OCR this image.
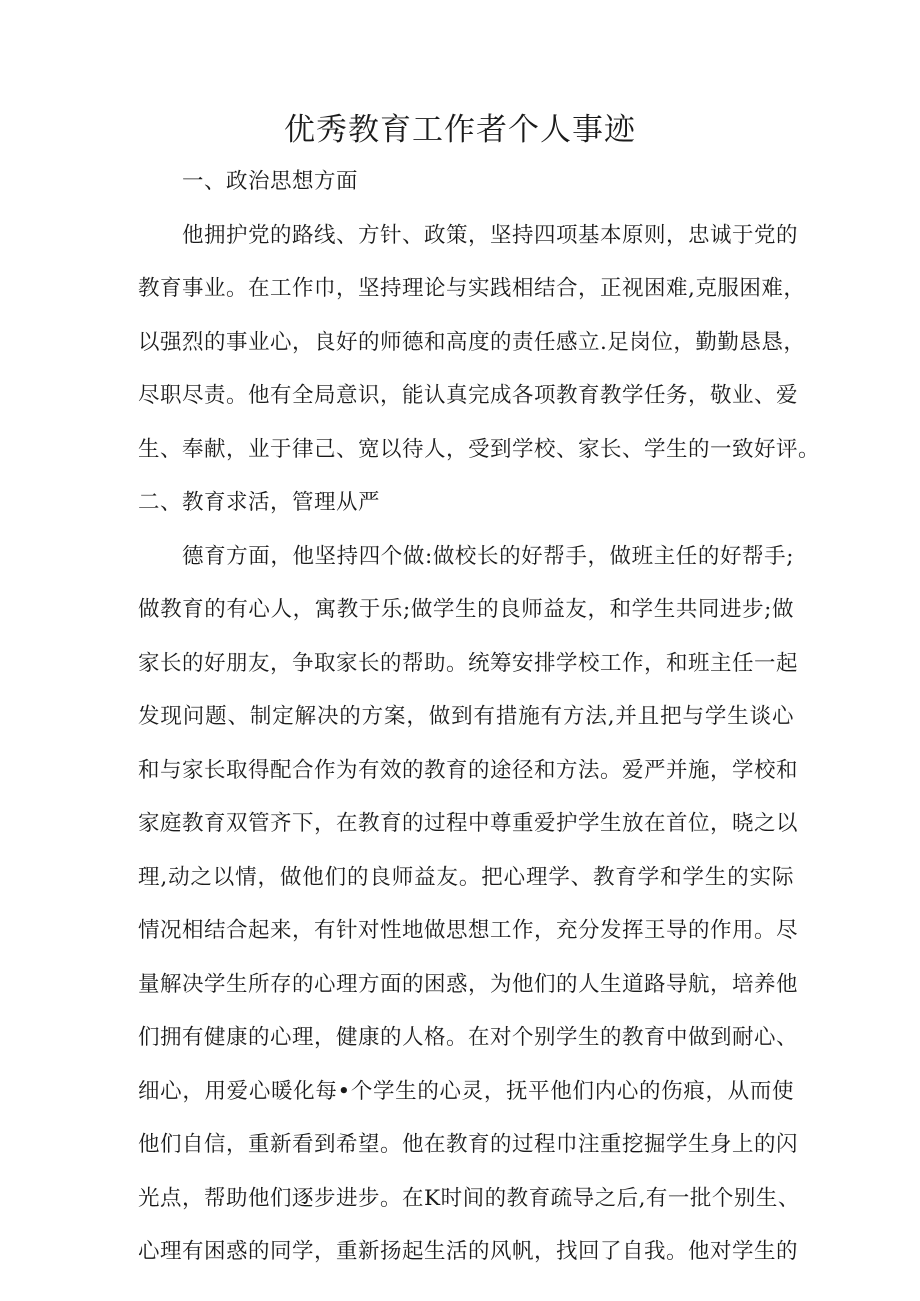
优秀教育工作者个人事迹
一、政治思想方面
他拥护党的路线、方针、政策，坚持四项基本原则，忠诚于党的
教育事业。在工作巾，坚持理论与实践相结合，正视困难,克服困难，
以强烈的事业心，良好的师德和高度的责任感立.足岗位，勤勤恳恳，
尽职尽责。他有全局意识，能认真完成各项教育教学任务，敬业、爱
生、奉献，业于律己、宽以待人，受到学校、家长、学生的一致好评。
二、教育求活，管理从严
德育方面，他坚持四个做:做校长的好帮手，做班主任的好帮手;
做教育的有心人，寓教于乐;做学生的良师益友，和学生共同进步;做
家长的好朋友，争取家长的帮助。统筹安排学校工作，和班主任一起
发现问题、制定解决的方案，做到有措施有方法,并且把与学生谈心
和与家长取得配合作为有效的教育的途径和方法。爱严并施，学校和
家庭教育双管齐下，在教育的过程中尊重爱护学生放在首位，晓之以
理,动之以情，做他们的良师益友。把心理学、教育学和学生的实际
情况相结合起来，有针对性地做思想工作，充分发挥王导的作用。尽
量解决学生所存的心理方面的困惑，为他们的人生道路导航，培养他
们拥有健康的心理，健康的人格。在对个别学生的教育中做到耐心、
细心，用爱心暖化每•个学生的心灵，抚平他们内心的伤痕，从而使
他们自信，重新看到希望。他在教育的过程巾注重挖掘学生身上的闪
光点，帮助他们逐步进步。在K时间的教育疏导之后,有一批个别生、
心理有困惑的同学，重新扬起生活的风帆，找回了自我。他对学生的
